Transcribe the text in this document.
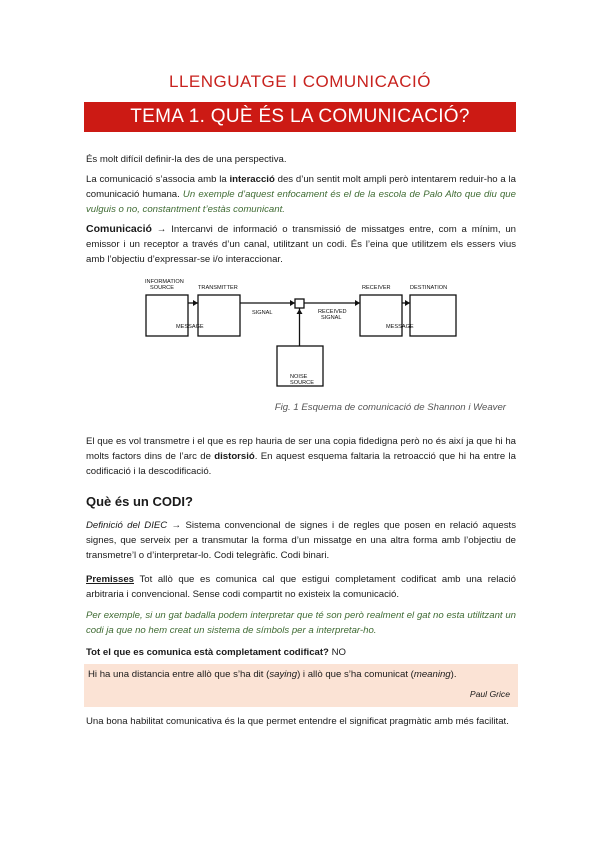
LLENGUATGE I COMUNICACIÓ
TEMA 1. QUÈ ÉS LA COMUNICACIÓ?
És molt difícil definir-la des de una perspectiva.
La comunicació s’associa amb la interacció des d’un sentit molt ampli però intentarem reduir-ho a la comunicació humana. Un exemple d’aquest enfocament és el de la escola de Palo Alto que diu que vulguis o no, constantment t’estàs comunicant.
Comunicació → Intercanvi de informació o transmissió de missatges entre, com a mínim, un emissor i un receptor a través d’un canal, utilitzant un codi. És l’eina que utilitzem els essers vius amb l’objectiu d’expressar-se i/o interaccionar.
INFORMATION
SOURCE	TRANSMITTER
SIGNAL	RECEIVED
SIGNAL
RECEIVER	DESTINATION
MESSAGE	MESSAGE
NOISE
SOURCE
Fig. 1 Esquema de comunicació de Shannon i Weaver
El que es vol transmetre i el que es rep hauria de ser una copia fidedigna però no és així ja que hi ha molts factors dins de l’arc de distorsió. En aquest esquema faltaria la retroacció que hi ha entre la codificació i la descodificació.
Què és un CODI?
Definició del DIEC → Sistema convencional de signes i de regles que posen en relació aquests signes, que serveix per a transmutar la forma d’un missatge en una altra forma amb l’objectiu de transmetre’l o d’interpretar-lo. Codi telegràfic. Codi binari.
Premisses Tot allò que es comunica cal que estigui completament codificat amb una relació arbitraria i convencional. Sense codi compartit no existeix la comunicació.
Per exemple, si un gat badalla podem interpretar que té son però realment el gat no esta utilitzant un codi ja que no hem creat un sistema de símbols per a interpretar-ho.
Tot el que es comunica està completament codificat? NO
Hi ha una distancia entre allò que s’ha dit (saying) i allò que s’ha comunicat (meaning).
Paul Grice
Una bona habilitat comunicativa és la que permet entendre el significat pragmàtic amb més facilitat.
